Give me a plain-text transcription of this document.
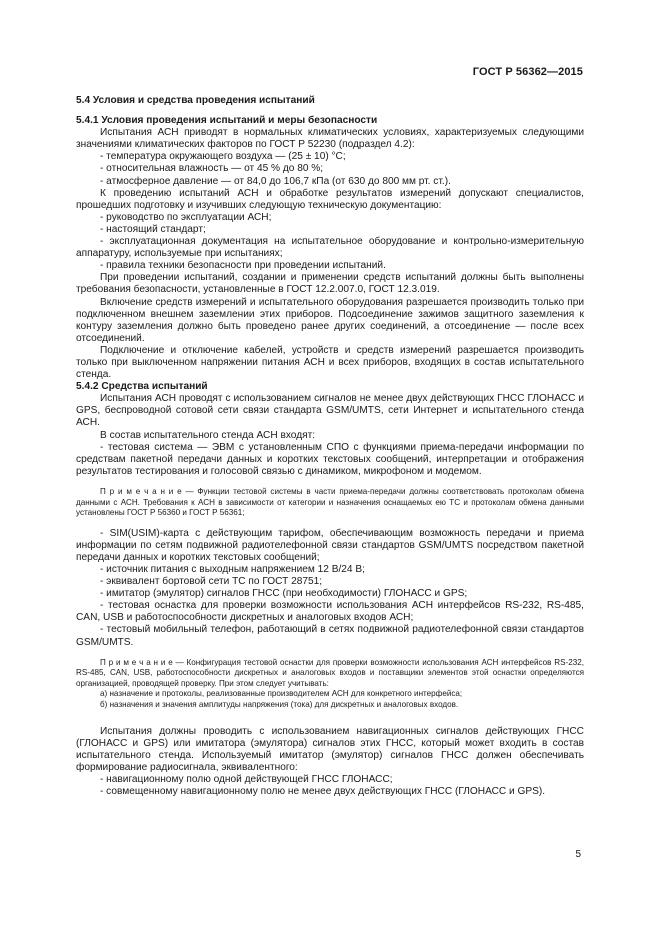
ГОСТ Р 56362—2015

5.4 Условия и средства проведения испытаний

5.4.1 Условия проведения испытаний и меры безопасности

Испытания АСН приводят в нормальных климатических условиях, характеризуемых следующими значениями климатических факторов по ГОСТ Р 52230 (подраздел 4.2):

- температура окружающего воздуха — (25 ± 10) °C;

- относительная влажность — от 45 % до 80 %;

- атмосферное давление — от 84,0 до 106,7 кПа (от 630 до 800 мм рт. ст.).

К проведению испытаний АСН и обработке результатов измерений допускают специалистов, прошедших подготовку и изучивших следующую техническую документацию:

- руководство по эксплуатации АСН;

- настоящий стандарт;

- эксплуатационная документация на испытательное оборудование и контрольно-измерительную аппаратуру, используемые при испытаниях;

- правила техники безопасности при проведении испытаний.

При проведении испытаний, создании и применении средств испытаний должны быть выполнены требования безопасности, установленные в ГОСТ 12.2.007.0, ГОСТ 12.3.019.

Включение средств измерений и испытательного оборудования разрешается производить только при подключенном внешнем заземлении этих приборов. Подсоединение зажимов защитного заземления к контуру заземления должно быть проведено ранее других соединений, а отсоединение — после всех отсоединений.

Подключение и отключение кабелей, устройств и средств измерений разрешается производить только при выключенном напряжении питания АСН и всех приборов, входящих в состав испытательного стенда.

5.4.2 Средства испытаний

Испытания АСН проводят с использованием сигналов не менее двух действующих ГНСС ГЛОНАСС и GPS, беспроводной сотовой сети связи стандарта GSM/UMTS, сети Интернет и испытательного стенда АСН.

В состав испытательного стенда АСН входят:

- тестовая система — ЭВМ с установленным СПО с функциями приема-передачи информации по средствам пакетной передачи данных и коротких текстовых сообщений, интерпретации и отображения результатов тестирования и голосовой связью с динамиком, микрофоном и модемом.

П р и м е ч а н и е — Функции тестовой системы в части приема-передачи должны соответствовать протоколам обмена данными с АСН. Требования к АСН в зависимости от категории и назначения оснащаемых ею ТС и протоколам обмена данными установлены ГОСТ Р 56360 и ГОСТ Р 56361;

- SIM(USIM)-карта с действующим тарифом, обеспечивающим возможность передачи и приема информации по сетям подвижной радиотелефонной связи стандартов GSM/UMTS посредством пакетной передачи данных и коротких текстовых сообщений;

- источник питания с выходным напряжением 12 В/24 В;

- эквивалент бортовой сети ТС по ГОСТ 28751;

- имитатор (эмулятор) сигналов ГНСС (при необходимости) ГЛОНАСС и GPS;

- тестовая оснастка для проверки возможности использования АСН интерфейсов RS-232, RS-485, CAN, USB и работоспособности дискретных и аналоговых входов АСН;

- тестовый мобильный телефон, работающий в сетях подвижной радиотелефонной связи стандартов GSM/UMTS.

П р и м е ч а н и е — Конфигурация тестовой оснастки для проверки возможности использования АСН интерфейсов RS-232, RS-485, CAN, USB, работоспособности дискретных и аналоговых входов и поставщики элементов этой оснастки определяются организацией, проводящей проверку. При этом следует учитывать:

а) назначение и протоколы, реализованные производителем АСН для конкретного интерфейса;

б) назначения и значения амплитуды напряжения (тока) для дискретных и аналоговых входов.

Испытания должны проводить с использованием навигационных сигналов действующих ГНСС (ГЛОНАСС и GPS) или имитатора (эмулятора) сигналов этих ГНСС, который может входить в состав испытательного стенда. Используемый имитатор (эмулятор) сигналов ГНСС должен обеспечивать формирование радиосигнала, эквивалентного:

- навигационному полю одной действующей ГНСС ГЛОНАСС;

- совмещенному навигационному полю не менее двух действующих ГНСС (ГЛОНАСС и GPS).

5
